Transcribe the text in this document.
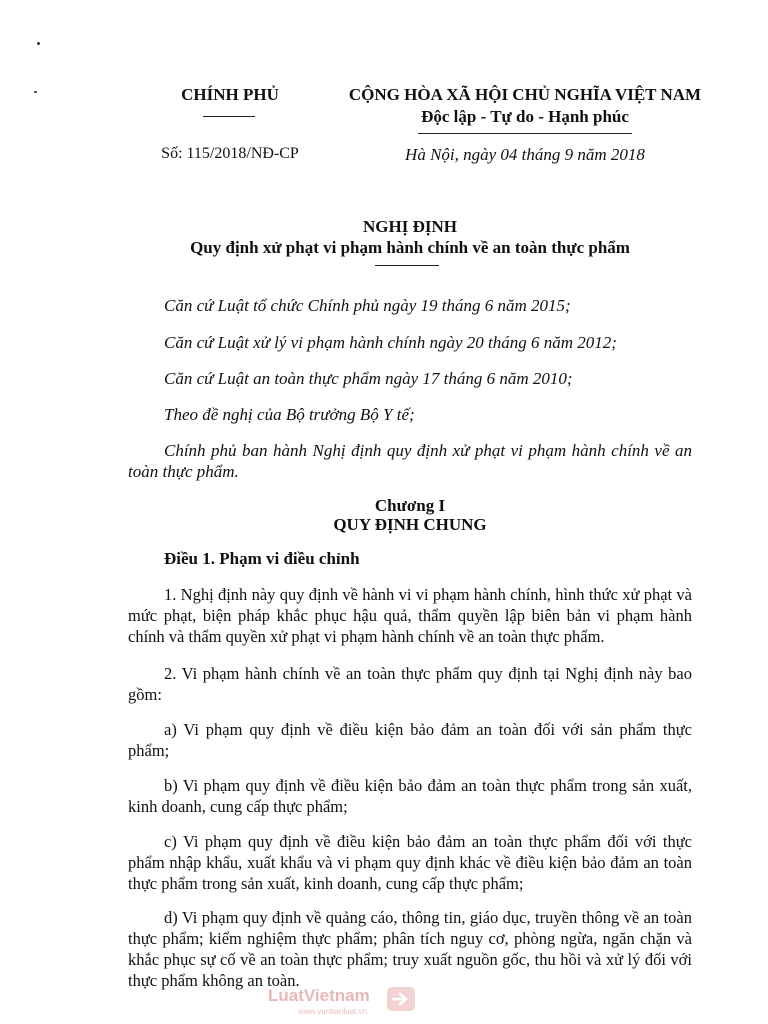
CHÍNH PHỦ
Số: 115/2018/NĐ-CP
CỘNG HÒA XÃ HỘI CHỦ NGHĨA VIỆT NAM
Độc lập - Tự do - Hạnh phúc
Hà Nội, ngày 04 tháng 9 năm 2018
NGHỊ ĐỊNH
Quy định xử phạt vi phạm hành chính về an toàn thực phẩm
Căn cứ Luật tổ chức Chính phủ ngày 19 tháng 6 năm 2015;
Căn cứ Luật xử lý vi phạm hành chính ngày 20 tháng 6 năm 2012;
Căn cứ Luật an toàn thực phẩm ngày 17 tháng 6 năm 2010;
Theo đề nghị của Bộ trưởng Bộ Y tế;
Chính phủ ban hành Nghị định quy định xử phạt vi phạm hành chính về an toàn thực phẩm.
Chương I
QUY ĐỊNH CHUNG
Điều 1. Phạm vi điều chỉnh
1. Nghị định này quy định về hành vi vi phạm hành chính, hình thức xử phạt và mức phạt, biện pháp khắc phục hậu quả, thẩm quyền lập biên bản vi phạm hành chính và thẩm quyền xử phạt vi phạm hành chính về an toàn thực phẩm.
2. Vi phạm hành chính về an toàn thực phẩm quy định tại Nghị định này bao gồm:
a) Vi phạm quy định về điều kiện bảo đảm an toàn đối với sản phẩm thực phẩm;
b) Vi phạm quy định về điều kiện bảo đảm an toàn thực phẩm trong sản xuất, kinh doanh, cung cấp thực phẩm;
c) Vi phạm quy định về điều kiện bảo đảm an toàn thực phẩm đối với thực phẩm nhập khẩu, xuất khẩu và vi phạm quy định khác về điều kiện bảo đảm an toàn thực phẩm trong sản xuất, kinh doanh, cung cấp thực phẩm;
d) Vi phạm quy định về quảng cáo, thông tin, giáo dục, truyền thông về an toàn thực phẩm; kiểm nghiệm thực phẩm; phân tích nguy cơ, phòng ngừa, ngăn chặn và khắc phục sự cố về an toàn thực phẩm; truy xuất nguồn gốc, thu hồi và xử lý đối với thực phẩm không an toàn.
LuatVietnam
www.vanbanluat.vn
